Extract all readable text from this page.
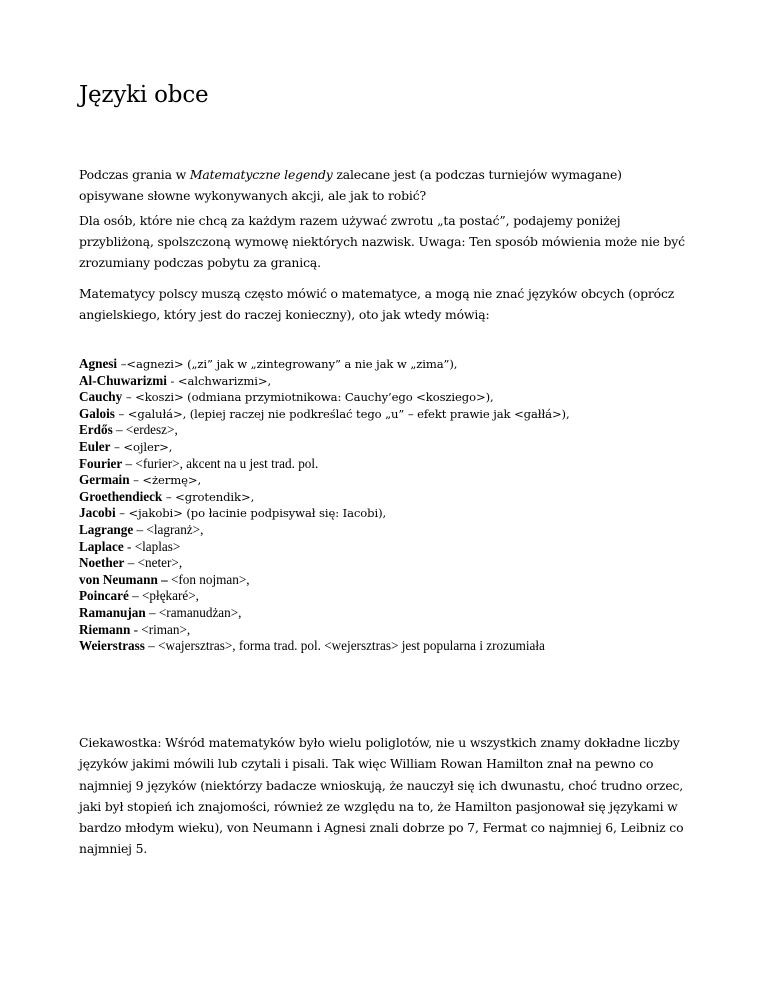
Języki obce

Podczas grania w Matematyczne legendy zalecane jest (a podczas turniejów wymagane) opisywane słowne wykonywanych akcji, ale jak to robić?

Dla osób, które nie chcą za każdym razem używać zwrotu „ta postać”, podajemy poniżej przybliżoną, spolszczoną wymowę niektórych nazwisk. Uwaga: Ten sposób mówienia może nie być zrozumiany podczas pobytu za granicą.

Matematycy polscy muszą często mówić o matematyce, a mogą nie znać języków obcych (oprócz angielskiego, który jest do raczej konieczny), oto jak wtedy mówią:

Agnesi –<agnezi> („zi” jak w „zintegrowany” a nie jak w „zima”),
Al-Chuwarizmi - <alchwarizmi>,
Cauchy – <koszi> (odmiana przymiotnikowa: Cauchy’ego <kosziego>),
Galois – <galułá>, (lepiej raczej nie podkreślać tego „u” – efekt prawie jak <gałłá>),
Erdős – <erdesz>,
Euler – <ojler>,
Fourier – <furier>, akcent na u jest trad. pol.
Germain – <żermę>,
Groethendieck – <grotendik>,
Jacobi – <jakobi> (po łacinie podpisywał się: Iacobi),
Lagrange – <lagranż>,
Laplace - <laplas>
Noether – <neter>,
von Neumann – <fon nojman>,
Poincaré – <płękaré>,
Ramanujan – <ramanudżan>,
Riemann - <riman>,
Weierstrass – <wajersztras>, forma trad. pol. <wejersztras> jest popularna i zrozumiała

Ciekawostka: Wśród matematyków było wielu poliglotów, nie u wszystkich znamy dokładne liczby języków jakimi mówili lub czytali i pisali. Tak więc William Rowan Hamilton znał na pewno co najmniej 9 języków (niektórzy badacze wnioskują, że nauczył się ich dwunastu, choć trudno orzec, jaki był stopień ich znajomości, również ze względu na to, że Hamilton pasjonował się językami w bardzo młodym wieku), von Neumann i Agnesi znali dobrze po 7, Fermat co najmniej 6, Leibniz co najmniej 5.
